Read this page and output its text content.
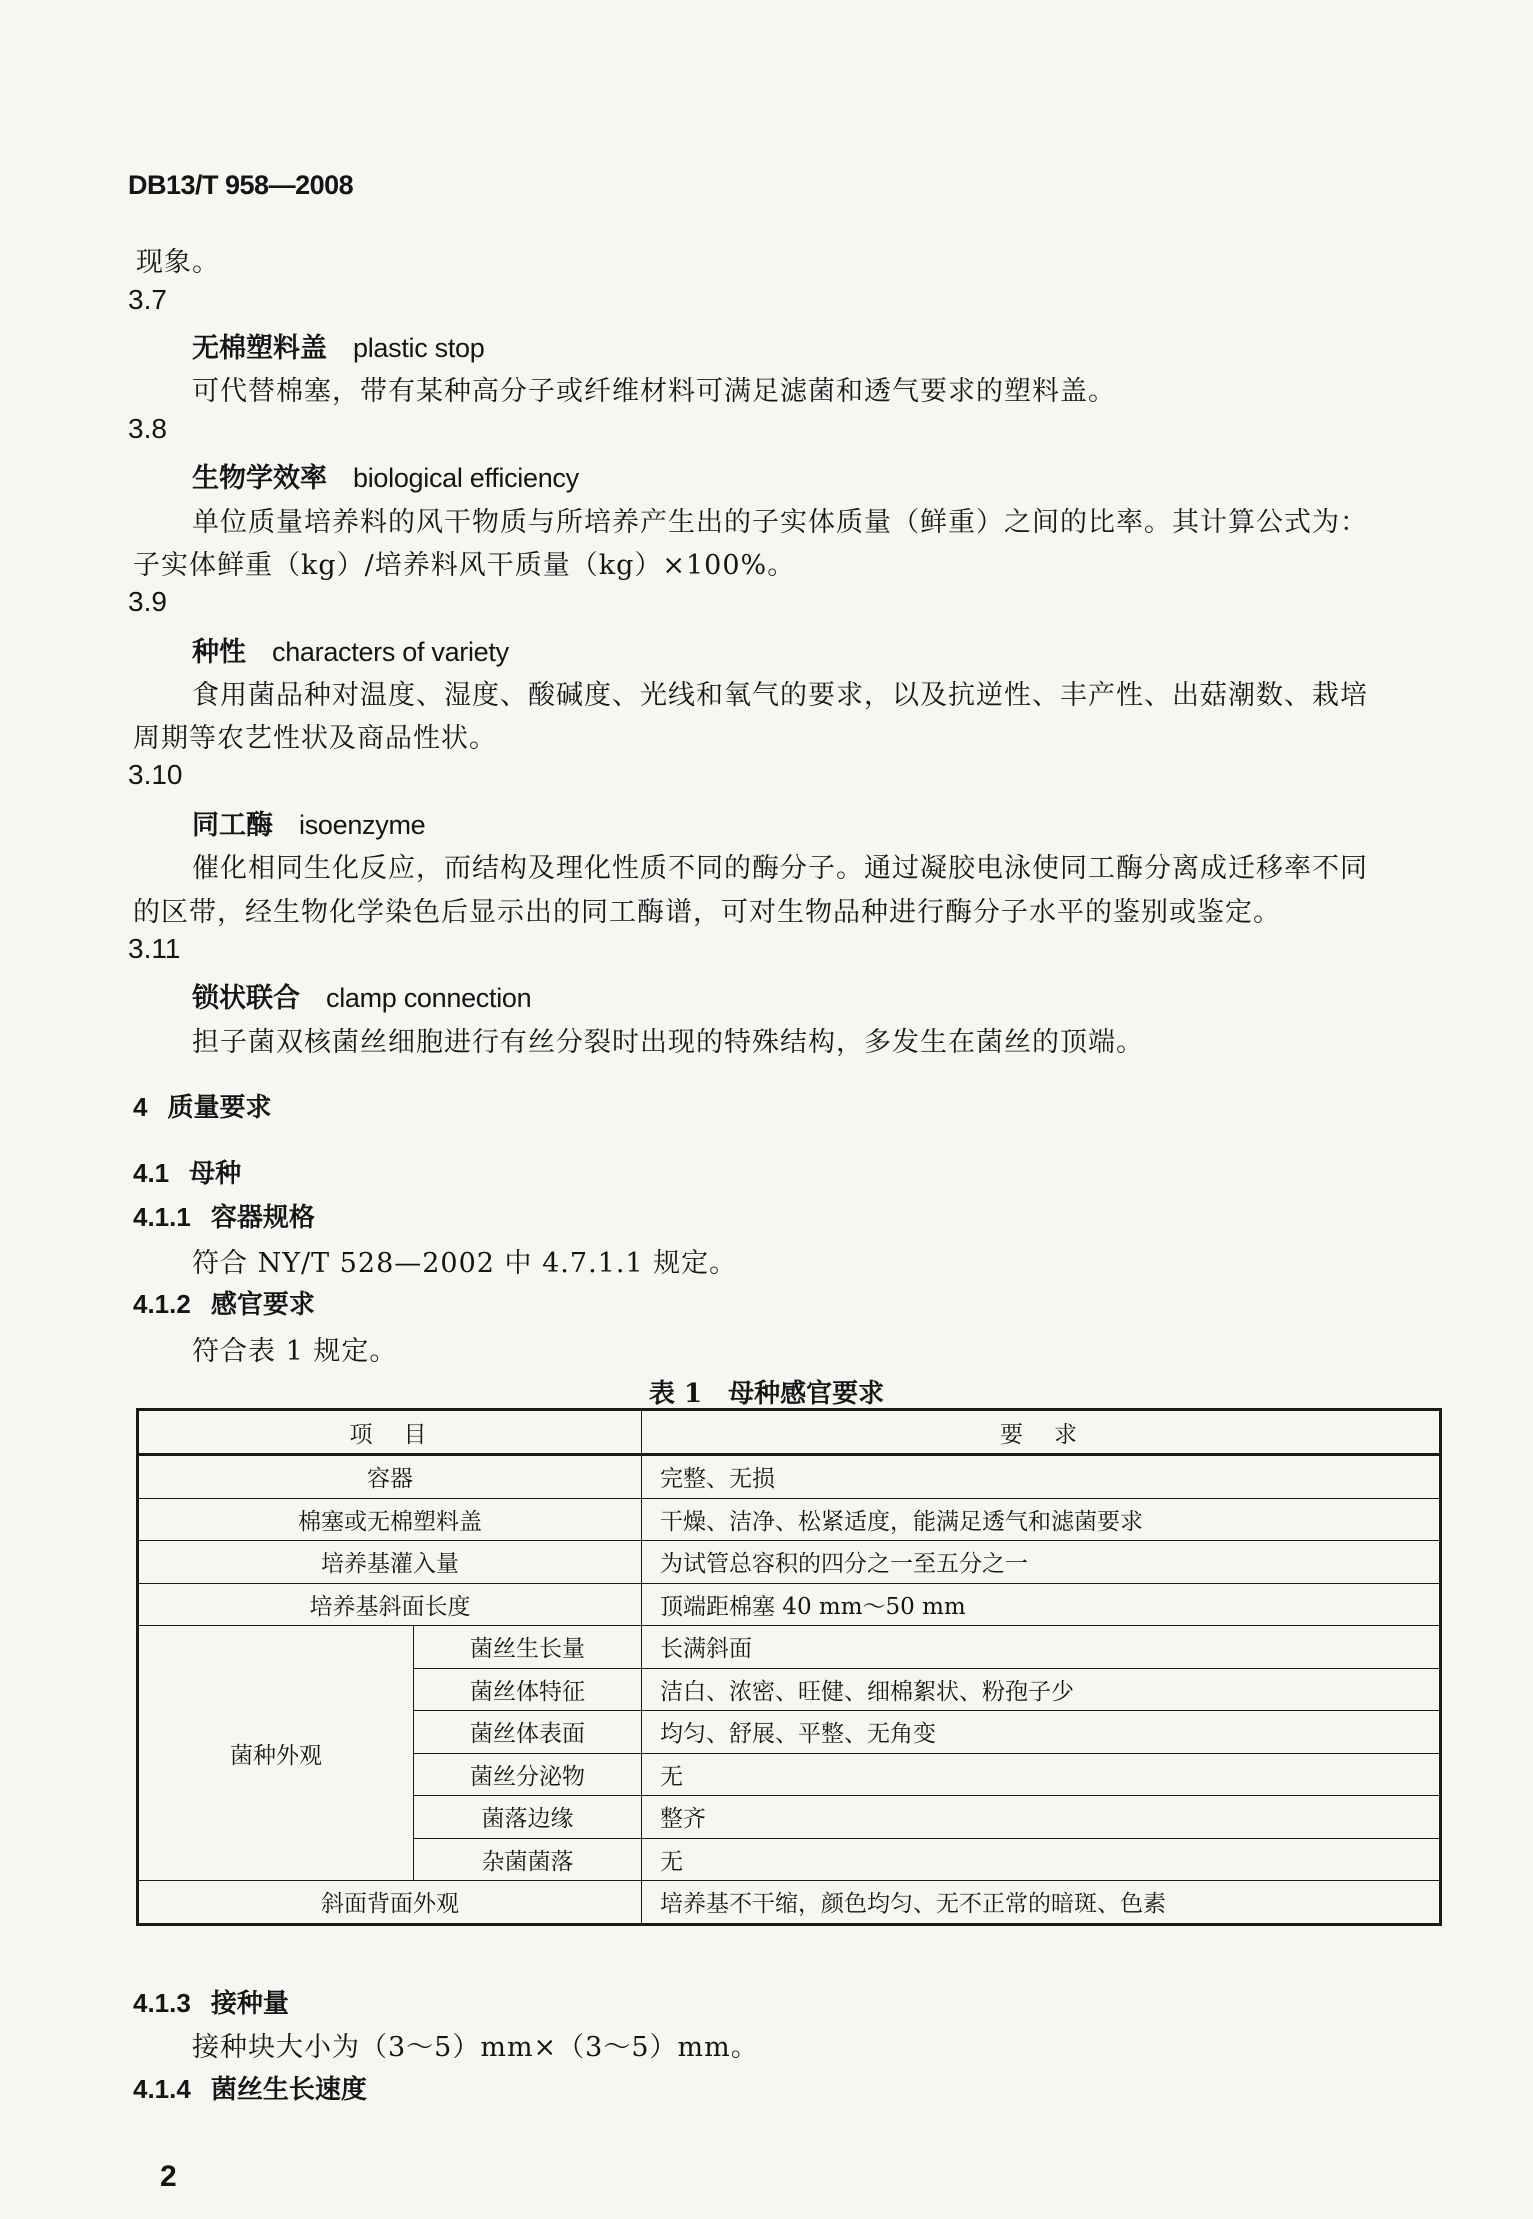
DB13/T 958—2008
现象。
3.7
无棉塑料盖 plastic stop
可代替棉塞，带有某种高分子或纤维材料可满足滤菌和透气要求的塑料盖。
3.8
生物学效率 biological efficiency
单位质量培养料的风干物质与所培养产生出的子实体质量（鲜重）之间的比率。其计算公式为：
子实体鲜重（kg）/培养料风干质量（kg）×100%。
3.9
种性 characters of variety
食用菌品种对温度、湿度、酸碱度、光线和氧气的要求，以及抗逆性、丰产性、出菇潮数、栽培
周期等农艺性状及商品性状。
3.10
同工酶 isoenzyme
催化相同生化反应，而结构及理化性质不同的酶分子。通过凝胶电泳使同工酶分离成迁移率不同
的区带，经生物化学染色后显示出的同工酶谱，可对生物品种进行酶分子水平的鉴别或鉴定。
3.11
锁状联合 clamp connection
担子菌双核菌丝细胞进行有丝分裂时出现的特殊结构，多发生在菌丝的顶端。
4 质量要求
4.1 母种
4.1.1 容器规格
符合 NY/T 528—2002 中 4.7.1.1 规定。
4.1.2 感官要求
符合表 1 规定。
表 1　母种感官要求
项　目		要　求
容器		完整、无损
棉塞或无棉塑料盖		干燥、洁净、松紧适度，能满足透气和滤菌要求
培养基灌入量		为试管总容积的四分之一至五分之一
培养基斜面长度		顶端距棉塞 40 mm～50 mm
菌种外观	菌丝生长量	长满斜面
	菌丝体特征	洁白、浓密、旺健、细棉絮状、粉孢子少
	菌丝体表面	均匀、舒展、平整、无角变
	菌丝分泌物	无
	菌落边缘	整齐
	杂菌菌落	无
斜面背面外观		培养基不干缩，颜色均匀、无不正常的暗斑、色素
4.1.3 接种量
接种块大小为（3～5）mm×（3～5）mm。
4.1.4 菌丝生长速度
2
